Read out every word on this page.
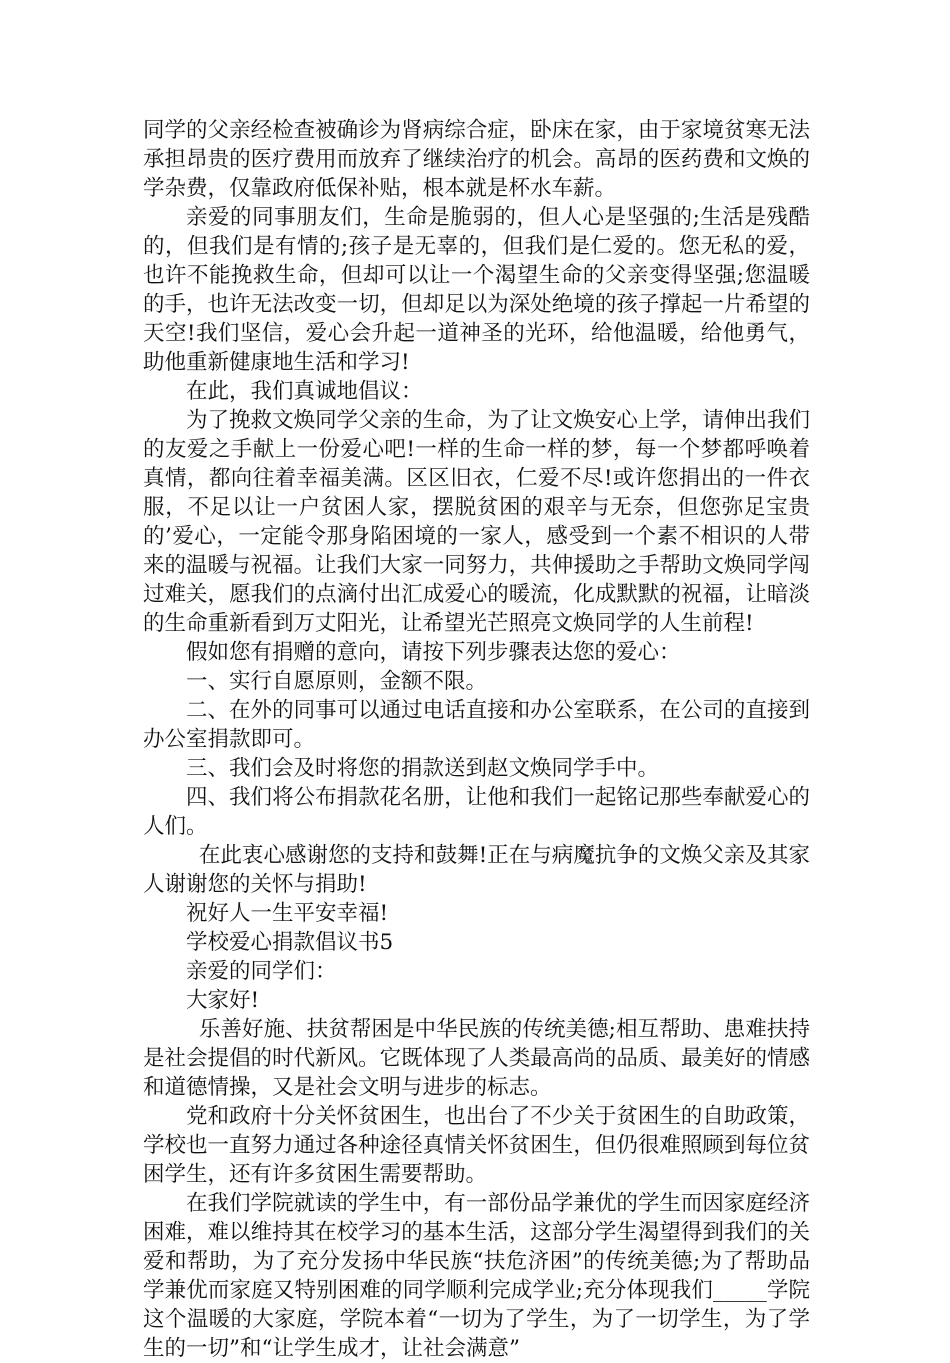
同学的父亲经检查被确诊为肾病综合症，卧床在家，由于家境贫寒无法承担昂贵的医疗费用而放弃了继续治疗的机会。高昂的医药费和文焕的学杂费，仅靠政府低保补贴，根本就是杯水车薪。

亲爱的同事朋友们，生命是脆弱的，但人心是坚强的;生活是残酷的，但我们是有情的;孩子是无辜的，但我们是仁爱的。您无私的爱，也许不能挽救生命，但却可以让一个渴望生命的父亲变得坚强;您温暖的手，也许无法改变一切，但却足以为深处绝境的孩子撑起一片希望的天空!我们坚信，爱心会升起一道神圣的光环，给他温暖，给他勇气，助他重新健康地生活和学习!

在此，我们真诚地倡议：

为了挽救文焕同学父亲的生命，为了让文焕安心上学，请伸出我们的友爱之手献上一份爱心吧!一样的生命一样的梦，每一个梦都呼唤着真情，都向往着幸福美满。区区旧衣，仁爱不尽!或许您捐出的一件衣服，不足以让一户贫困人家，摆脱贫困的艰辛与无奈，但您弥足宝贵的’爱心，一定能令那身陷困境的一家人，感受到一个素不相识的人带来的温暖与祝福。让我们大家一同努力，共伸援助之手帮助文焕同学闯过难关，愿我们的点滴付出汇成爱心的暖流，化成默默的祝福，让暗淡的生命重新看到万丈阳光，让希望光芒照亮文焕同学的人生前程!

假如您有捐赠的意向，请按下列步骤表达您的爱心：

一、实行自愿原则，金额不限。

二、在外的同事可以通过电话直接和办公室联系，在公司的直接到办公室捐款即可。

三、我们会及时将您的捐款送到赵文焕同学手中。

四、我们将公布捐款花名册，让他和我们一起铭记那些奉献爱心的人们。

在此衷心感谢您的支持和鼓舞!正在与病魔抗争的文焕父亲及其家人谢谢您的关怀与捐助!

祝好人一生平安幸福!

学校爱心捐款倡议书5

亲爱的同学们：

大家好!

乐善好施、扶贫帮困是中华民族的传统美德;相互帮助、患难扶持是社会提倡的时代新风。它既体现了人类最高尚的品质、最美好的情感和道德情操，又是社会文明与进步的标志。

党和政府十分关怀贫困生，也出台了不少关于贫困生的自助政策，学校也一直努力通过各种途径真情关怀贫困生，但仍很难照顾到每位贫困学生，还有许多贫困生需要帮助。

在我们学院就读的学生中，有一部份品学兼优的学生而因家庭经济困难，难以维持其在校学习的基本生活，这部分学生渴望得到我们的关爱和帮助，为了充分发扬中华民族“扶危济困”的传统美德;为了帮助品学兼优而家庭又特别困难的同学顺利完成学业;充分体现我们_____学院这个温暖的大家庭，学院本着“一切为了学生，为了一切学生，为了学生的一切”和“让学生成才，让社会满意”
